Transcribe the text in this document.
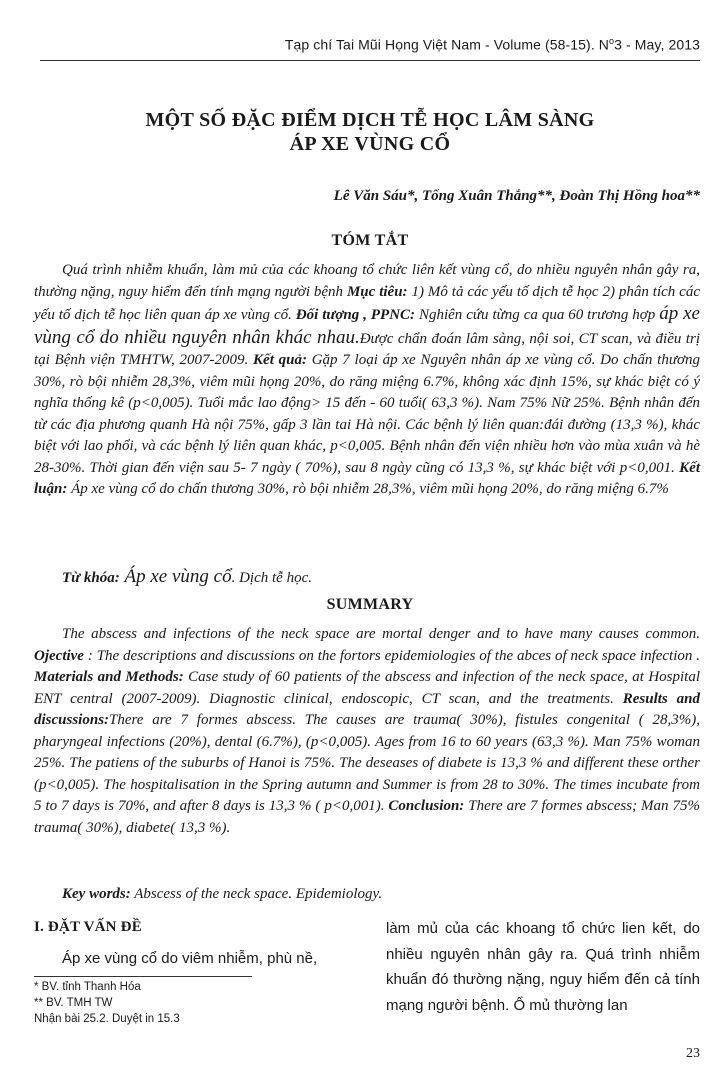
Tạp chí Tai Mũi Họng Việt Nam - Volume (58-15). $N^o3$ - May, 2013
MỘT SỐ ĐẶC ĐIỂM DỊCH TỄ HỌC LÂM SÀNG
ÁP XE VÙNG CỔ
Lê Văn Sáu*, Tống Xuân Thắng**, Đoàn Thị Hồng hoa**
TÓM TẮT

Quá trình nhiễm khuẩn, làm mủ của các khoang tổ chức liên kết vùng cổ, do nhiều nguyên nhân gây ra, thường nặng, nguy hiểm đến tính mạng người bệnh Mục tiêu: 1) Mô tả các yếu tố dịch tễ học 2) phân tích các yếu tố dịch tễ học liên quan áp xe vùng cổ. Đối tượng , PPNC: Nghiên cứu từng ca qua 60 trương hợp áp xe vùng cổ do nhiều nguyên nhân khác nhau.Được chẩn đoán lâm sàng, nội soi, CT scan, và điều trị tại Bệnh viện TMHTW, 2007-2009. Kết quả: Gặp 7 loại áp xe Nguyên nhân áp xe vùng cổ. Do chấn thương 30%, rò bội nhiễm 28,3%, viêm mũi họng 20%, do răng miệng 6.7%, không xác định 15%, sự khác biệt có ý nghĩa thống kê (p<0,005). Tuổi mắc lao động> 15 đến - 60 tuổi( 63,3 %). Nam 75% Nữ 25%. Bệnh nhân đến từ các địa phương quanh Hà nội 75%, gấp 3 lần tai Hà nội. Các bệnh lý liên quan:đái đường (13,3 %), khác biệt với lao phổi, và các bệnh lý liên quan khác, p<0,005. Bệnh nhân đến viện nhiều hơn vào mùa xuân và hè 28-30%. Thời gian đến viện sau 5- 7 ngày ( 70%), sau 8 ngày cũng có 13,3 %, sự khác biệt với p<0,001. Kết luận: Áp xe vùng cổ do chấn thương 30%, rò bội nhiễm 28,3%, viêm mũi họng 20%, do răng miệng 6.7%

Từ khóa: Áp xe vùng cổ. Dịch tễ học.
SUMMARY

The abscess and infections of the neck space are mortal denger and to have many causes common. Ojective : The descriptions and discussions on the fortors epidemiologies of the abces of neck space infection . Materials and Methods: Case study of 60 patients of the abscess and infection of the neck space, at Hospital ENT central (2007-2009). Diagnostic clinical, endoscopic, CT scan, and the treatments. Results and discussions:There are 7 formes abscess. The causes are trauma( 30%), fistules congenital ( 28,3%), pharyngeal infections (20%), dental (6.7%), (p<0,005). Ages from 16 to 60 years (63,3 %). Man 75% woman 25%. The patiens of the suburbs of Hanoi is 75%. The deseases of diabete is 13,3 % and different these orther (p<0,005). The hospitalisation in the Spring autumn and Summer is from 28 to 30%. The times incubate from 5 to 7 days is 70%, and after 8 days is 13,3 % ( p<0,001). Conclusion: There are 7 formes abscess; Man 75% trauma( 30%), diabete( 13,3 %).

Key words: Abscess of the neck space. Epidemiology.
I. ĐẶT VẤN ĐỀ

Áp xe vùng cổ do viêm nhiễm, phù nề,

* BV. tỉnh Thanh Hóa
** BV. TMH TW
Nhận bài 25.2. Duyệt in 15.3
làm mủ của các khoang tổ chức lien kết, do nhiều nguyên nhân gây ra. Quá trình nhiễm khuẩn đó thường nặng, nguy hiểm đến cả tính mạng người bệnh. Ổ mủ thường lan
23
